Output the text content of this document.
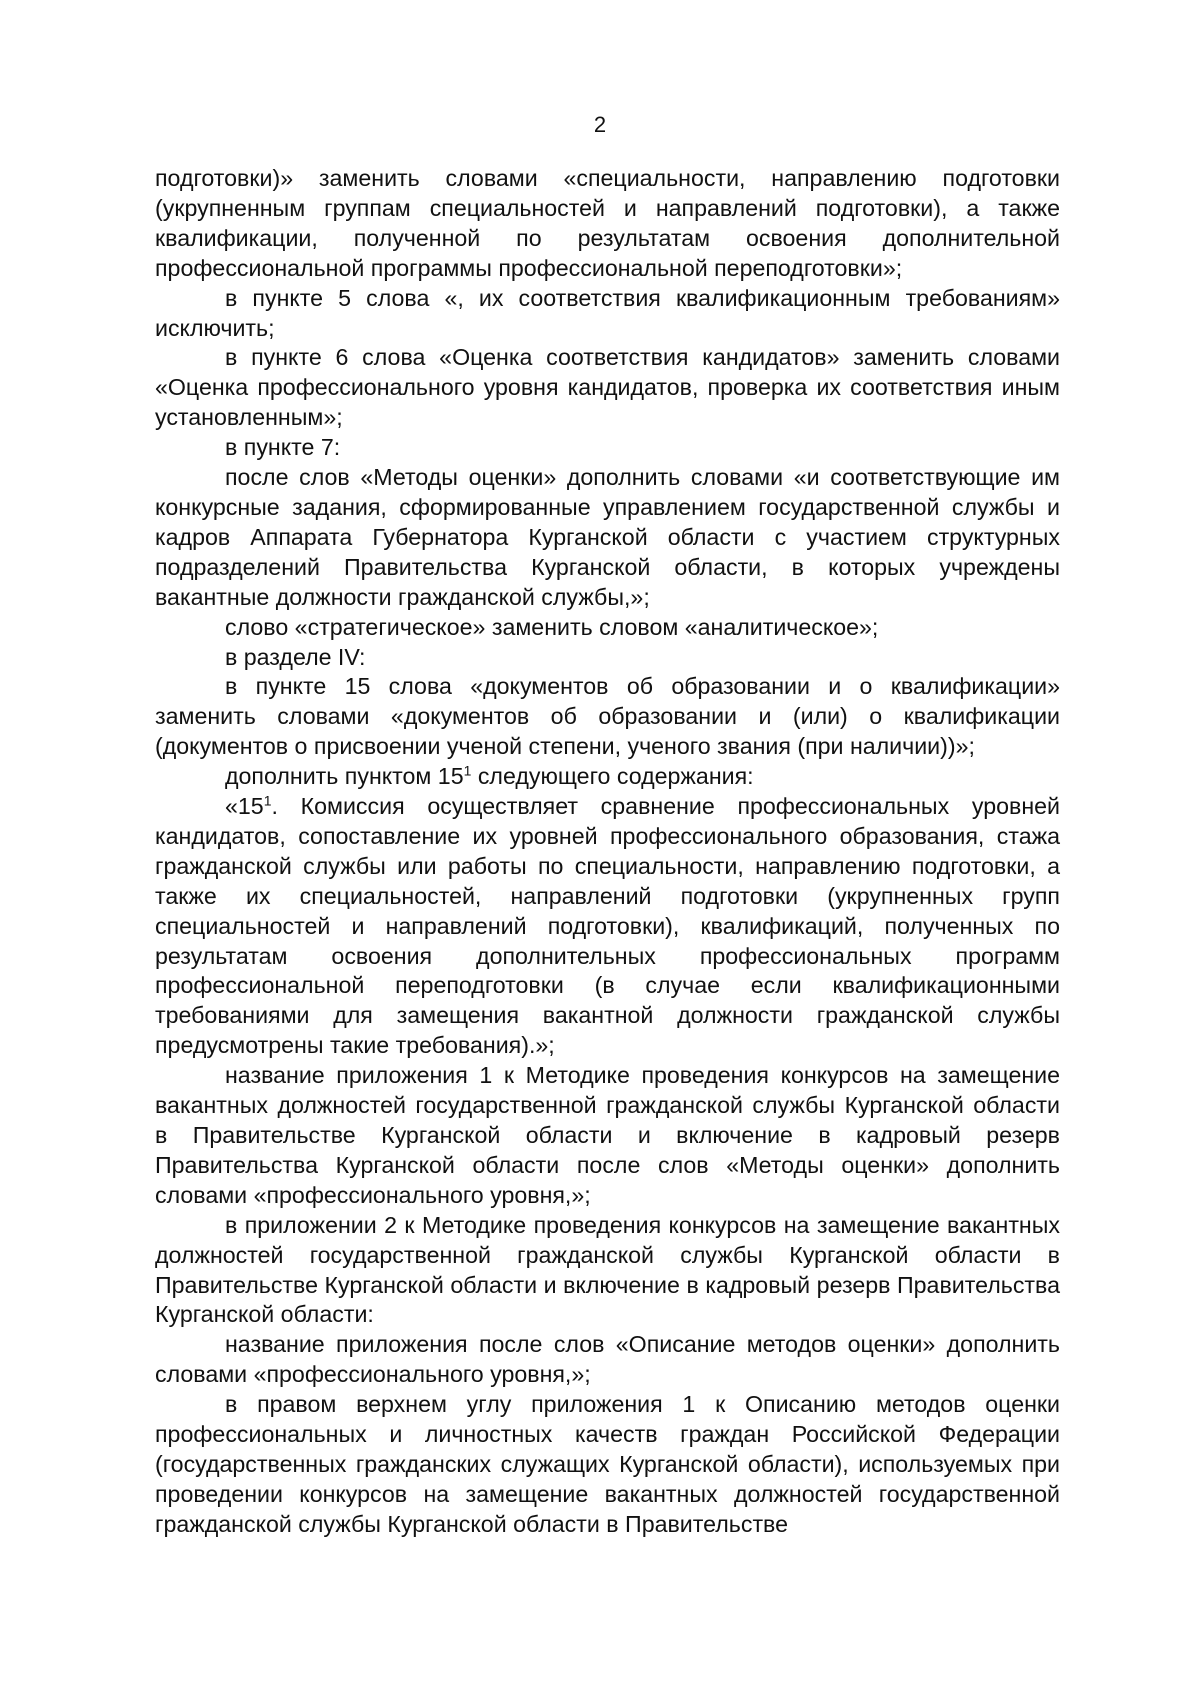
2

подготовки)» заменить словами «специальности, направлению подготовки (укрупненным группам специальностей и направлений подготовки), а также квалификации, полученной по результатам освоения дополнительной профессиональной программы профессиональной переподготовки»;

в пункте 5 слова «, их соответствия квалификационным требованиям» исключить;

в пункте 6 слова «Оценка соответствия кандидатов» заменить словами «Оценка профессионального уровня кандидатов, проверка их соответствия иным установленным»;

в пункте 7:

после слов «Методы оценки» дополнить словами «и соответствующие им конкурсные задания, сформированные управлением государственной службы и кадров Аппарата Губернатора Курганской области с участием структурных подразделений Правительства Курганской области, в которых учреждены вакантные должности гражданской службы,»;

слово «стратегическое» заменить словом «аналитическое»;

в разделе IV:

в пункте 15 слова «документов об образовании и о квалификации» заменить словами «документов об образовании и (или) о квалификации (документов о присвоении ученой степени, ученого звания (при наличии))»;

дополнить пунктом $15^1$ следующего содержания:

«$15^1$. Комиссия осуществляет сравнение профессиональных уровней кандидатов, сопоставление их уровней профессионального образования, стажа гражданской службы или работы по специальности, направлению подготовки, а также их специальностей, направлений подготовки (укрупненных групп специальностей и направлений подготовки), квалификаций, полученных по результатам освоения дополнительных профессиональных программ профессиональной переподготовки (в случае если квалификационными требованиями для замещения вакантной должности гражданской службы предусмотрены такие требования).»;

название приложения 1 к Методике проведения конкурсов на замещение вакантных должностей государственной гражданской службы Курганской области в Правительстве Курганской области и включение в кадровый резерв Правительства Курганской области после слов «Методы оценки» дополнить словами «профессионального уровня,»;

в приложении 2 к Методике проведения конкурсов на замещение вакантных должностей государственной гражданской службы Курганской области в Правительстве Курганской области и включение в кадровый резерв Правительства Курганской области:

название приложения после слов «Описание методов оценки» дополнить словами «профессионального уровня,»;

в правом верхнем углу приложения 1 к Описанию методов оценки профессиональных и личностных качеств граждан Российской Федерации (государственных гражданских служащих Курганской области), используемых при проведении конкурсов на замещение вакантных должностей государственной гражданской службы Курганской области в Правительстве
